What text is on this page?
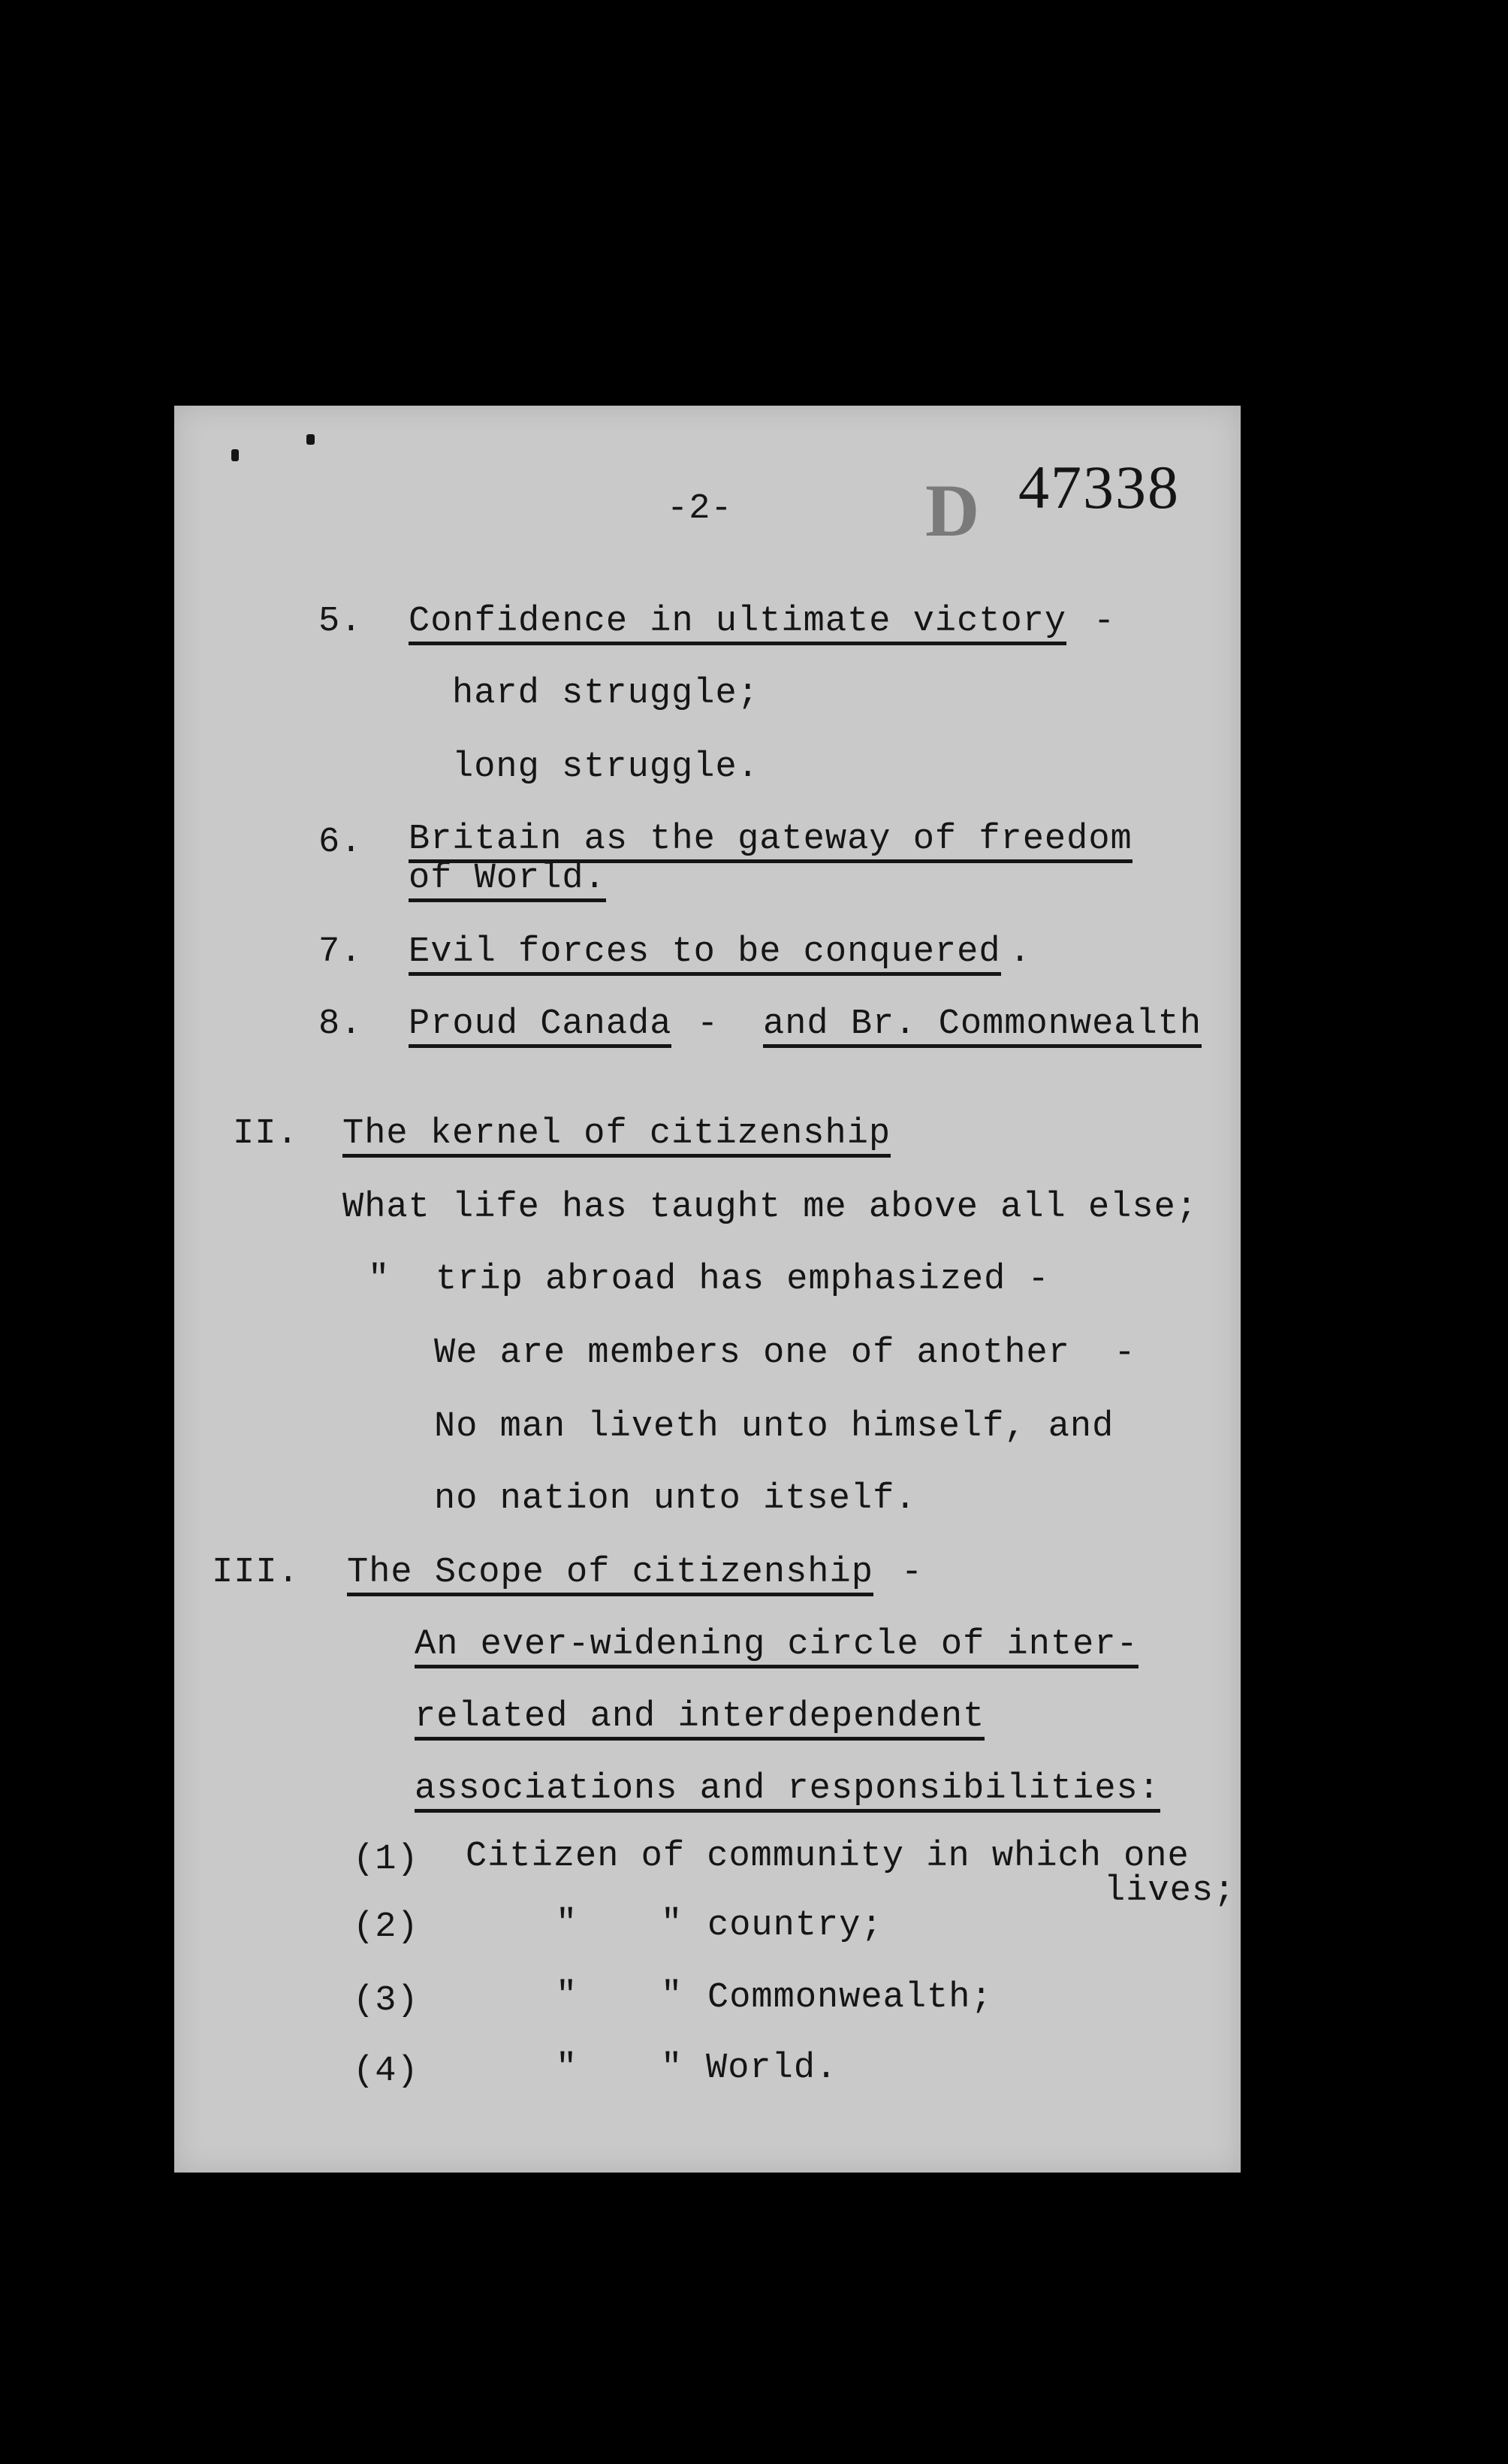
-2-	D 47338
5. Confidence in ultimate victory -
hard struggle;
long struggle.
6. Britain as the gateway of freedom
of World.
7. Evil forces to be conquered .
8. Proud Canada - and Br. Commonwealth
II. The kernel of citizenship
What life has taught me above all else;
" trip abroad has emphasized -
We are members one of another  -
No man liveth unto himself, and
no nation unto itself.
III. The Scope of citizenship -
An ever-widening circle of inter-
related and interdependent
associations and responsibilities:
(1) Citizen of community in which one
lives;
(2)	" " country;
(3)	" " Commonwealth;
(4)	" " World.
